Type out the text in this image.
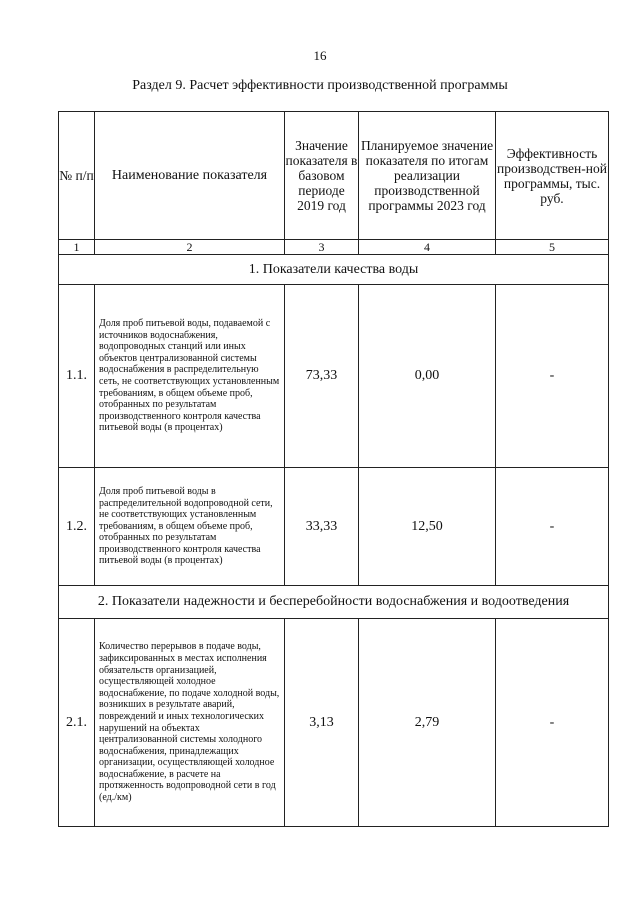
16
Раздел 9. Расчет эффективности производственной программы
№ п/п	Наименование показателя	Значение показателя в базовом периоде 2019 год	Планируемое значение показателя по итогам реализации производственной программы 2023 год	Эффективность производствен-ной программы, тыс. руб.
1	2	3	4	5
1. Показатели качества воды				
1.1.	Доля проб питьевой воды, подаваемой с источников водоснабжения, водопроводных станций или иных объектов централизованной системы водоснабжения в распределительную сеть, не соответствующих установленным требованиям, в общем объеме проб, отобранных по результатам производственного контроля качества питьевой воды (в процентах)	73,33	0,00	-
1.2.	Доля проб питьевой воды в распределительной водопроводной сети, не соответствующих установленным требованиям, в общем объеме проб, отобранных по результатам производственного контроля качества питьевой воды (в процентах)	33,33	12,50	-
2. Показатели надежности и бесперебойности водоснабжения и водоотведения				
2.1.	Количество перерывов в подаче воды, зафиксированных в местах исполнения обязательств организацией, осуществляющей холодное водоснабжение, по подаче холодной воды, возникших в результате аварий, повреждений и иных технологических нарушений на объектах централизованной системы холодного водоснабжения, принадлежащих организации, осуществляющей холодное водоснабжение, в расчете на протяженность водопроводной сети в год (ед./км)	3,13	2,79	-
